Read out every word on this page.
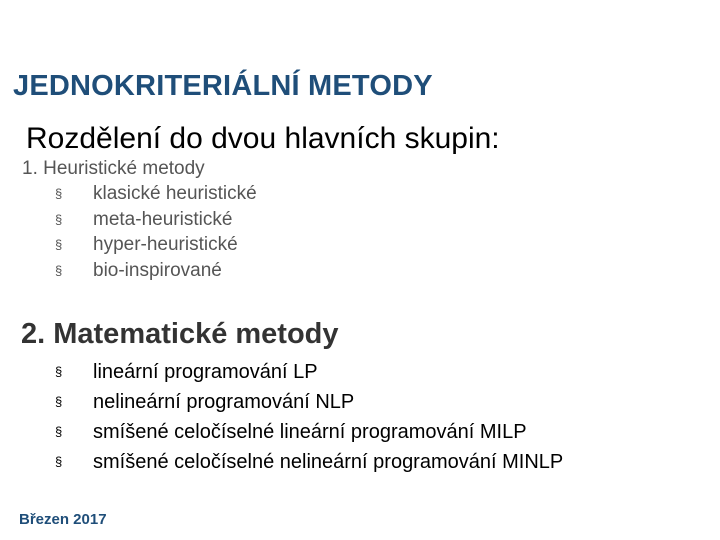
JEDNOKRITERIÁLNÍ METODY
Rozdělení do dvou hlavních skupin:
1. Heuristické metody
§ klasické heuristické
§ meta-heuristické
§ hyper-heuristické
§ bio-inspirované
2. Matematické metody
§ lineární programování LP
§ nelineární programování NLP
§ smíšené celočíselné lineární programování MILP
§ smíšené celočíselné nelineární programování MINLP
Březen 2017
